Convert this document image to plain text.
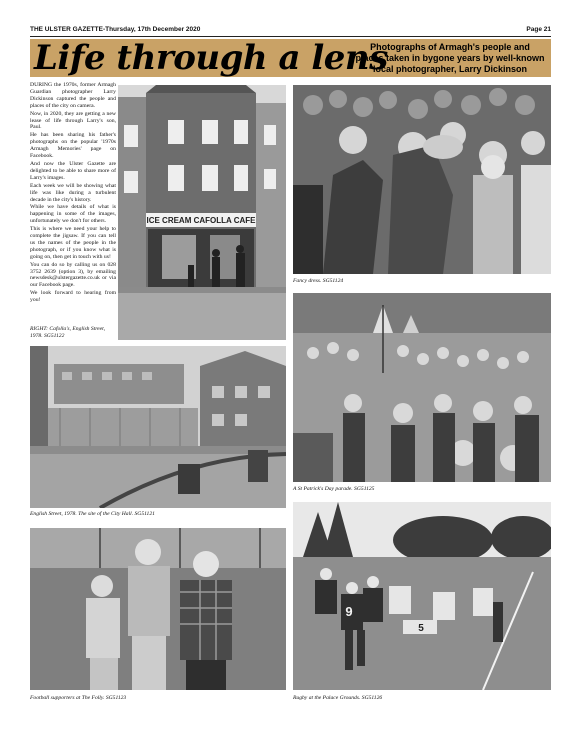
THE ULSTER GAZETTE-Thursday, 17th December 2020	Page 21
Life through a lens
Photographs of Armagh's people and places taken in bygone years by well-known local photographer, Larry Dickinson

DURING the 1970s, former Armagh Guardian photographer Larry Dickinson captured the people and places of the city on camera.

Now, in 2020, they are getting a new lease of life through Larry's son, Paul.

He has been sharing his father's photographs on the popular '1970s Armagh Memories' page on Facebook.

And now the Ulster Gazette are delighted to be able to share more of Larry's images.

Each week we will be showing what life was like during a turbulent decade in the city's history.

While we have details of what is happening in some of the images, unfortunately we don't for others.

This is where we need your help to complete the jigsaw. If you can tell us the names of the people in the photograph, or if you know what is going on, then get in touch with us!

You can do so by calling us on 028 3752 2639 (option 3), by emailing newsdesk@ulstergazette.co.uk or via our Facebook page.

We look forward to hearing from you!

RIGHT: Cafolla's, English Street, 1978. SG51122
ICE CREAM CAFOLLA CAFE
Fancy dress. SG51124
English Street, 1978. The site of the City Hall. SG51121
A St Patrick's Day parade. SG51125
Football supporters at The Folly. SG51123
9
5
Rugby at the Palace Grounds. SG51126
